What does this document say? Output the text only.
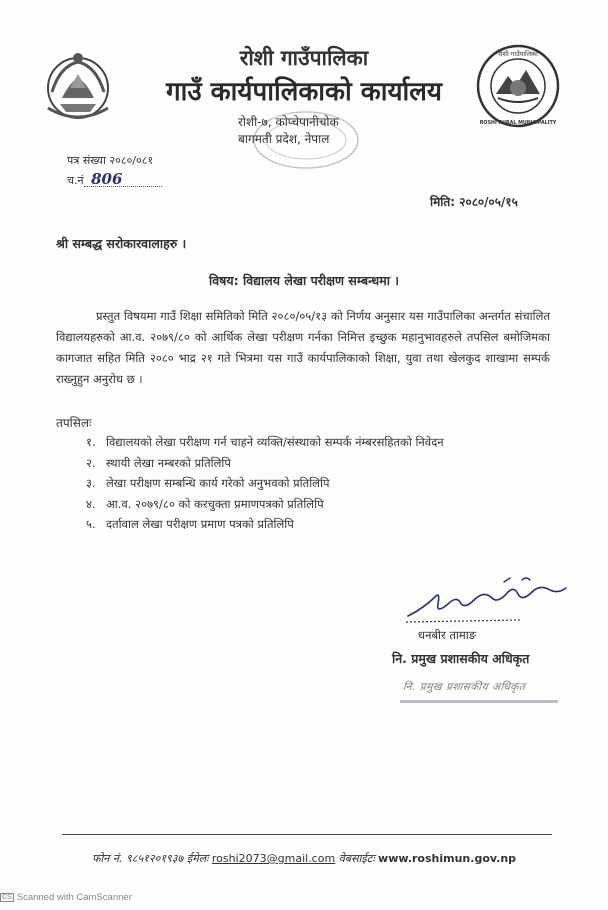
रोशी गाउँपालिका
ROSHI RURAL MUNICIPALITY
रोशी गाउँपालिका
गाउँ कार्यपालिकाको कार्यालय
रोशी-७, कोप्चेपानीचोक
बागमती प्रदेश, नेपाल
पत्र संख्या २०८०/०८१
च.नं 806
मिति: २०८०/०५/१५
श्री सम्बद्ध सरोकारवालाहरु ।
विषय: विद्यालय लेखा परीक्षण सम्बन्धमा ।
प्रस्तुत विषयमा गाउँ शिक्षा समितिको मिति २०८०/०५/१३ को निर्णय अनुसार यस गाउँपालिका अन्तर्गत संचालित विद्यालयहरुको आ.व. २०७९/८० को आर्थिक लेखा परीक्षण गर्नका निमित्त इच्छुक महानुभावहरुले तपसिल बमोजिमका कागजात सहित मिति २०८० भाद्र २१ गते भित्रमा यस गाउँ कार्यपालिकाको शिक्षा, युवा तथा खेलकुद शाखामा सम्पर्क राख्नुहुन अनुरोध छ ।
तपसिलः
१. विद्यालयको लेखा परीक्षण गर्न चाहने व्यक्ति/संस्थाको सम्पर्क नंम्बरसहितको निवेदन
२. स्थायी लेखा नम्बरको प्रतिलिपि
३. लेखा परीक्षण सम्बन्धि कार्य गरेको अनुभवको प्रतिलिपि
४. आ.व. २०७९/८० को करचुक्ता प्रमाणपत्रको प्रतिलिपि
५. दर्तावाल लेखा परीक्षण प्रमाण पत्रको प्रतिलिपि
धनबीर तामाङ
नि. प्रमुख प्रशासकीय अधिकृत
नि. प्रमुख प्रशासकीय अधिकृत
फोन नं. ९८५१२०१९३७ ईमेलः roshi2073@gmail.com वेबसाईटः www.roshimun.gov.np
CS Scanned with CamScanner
